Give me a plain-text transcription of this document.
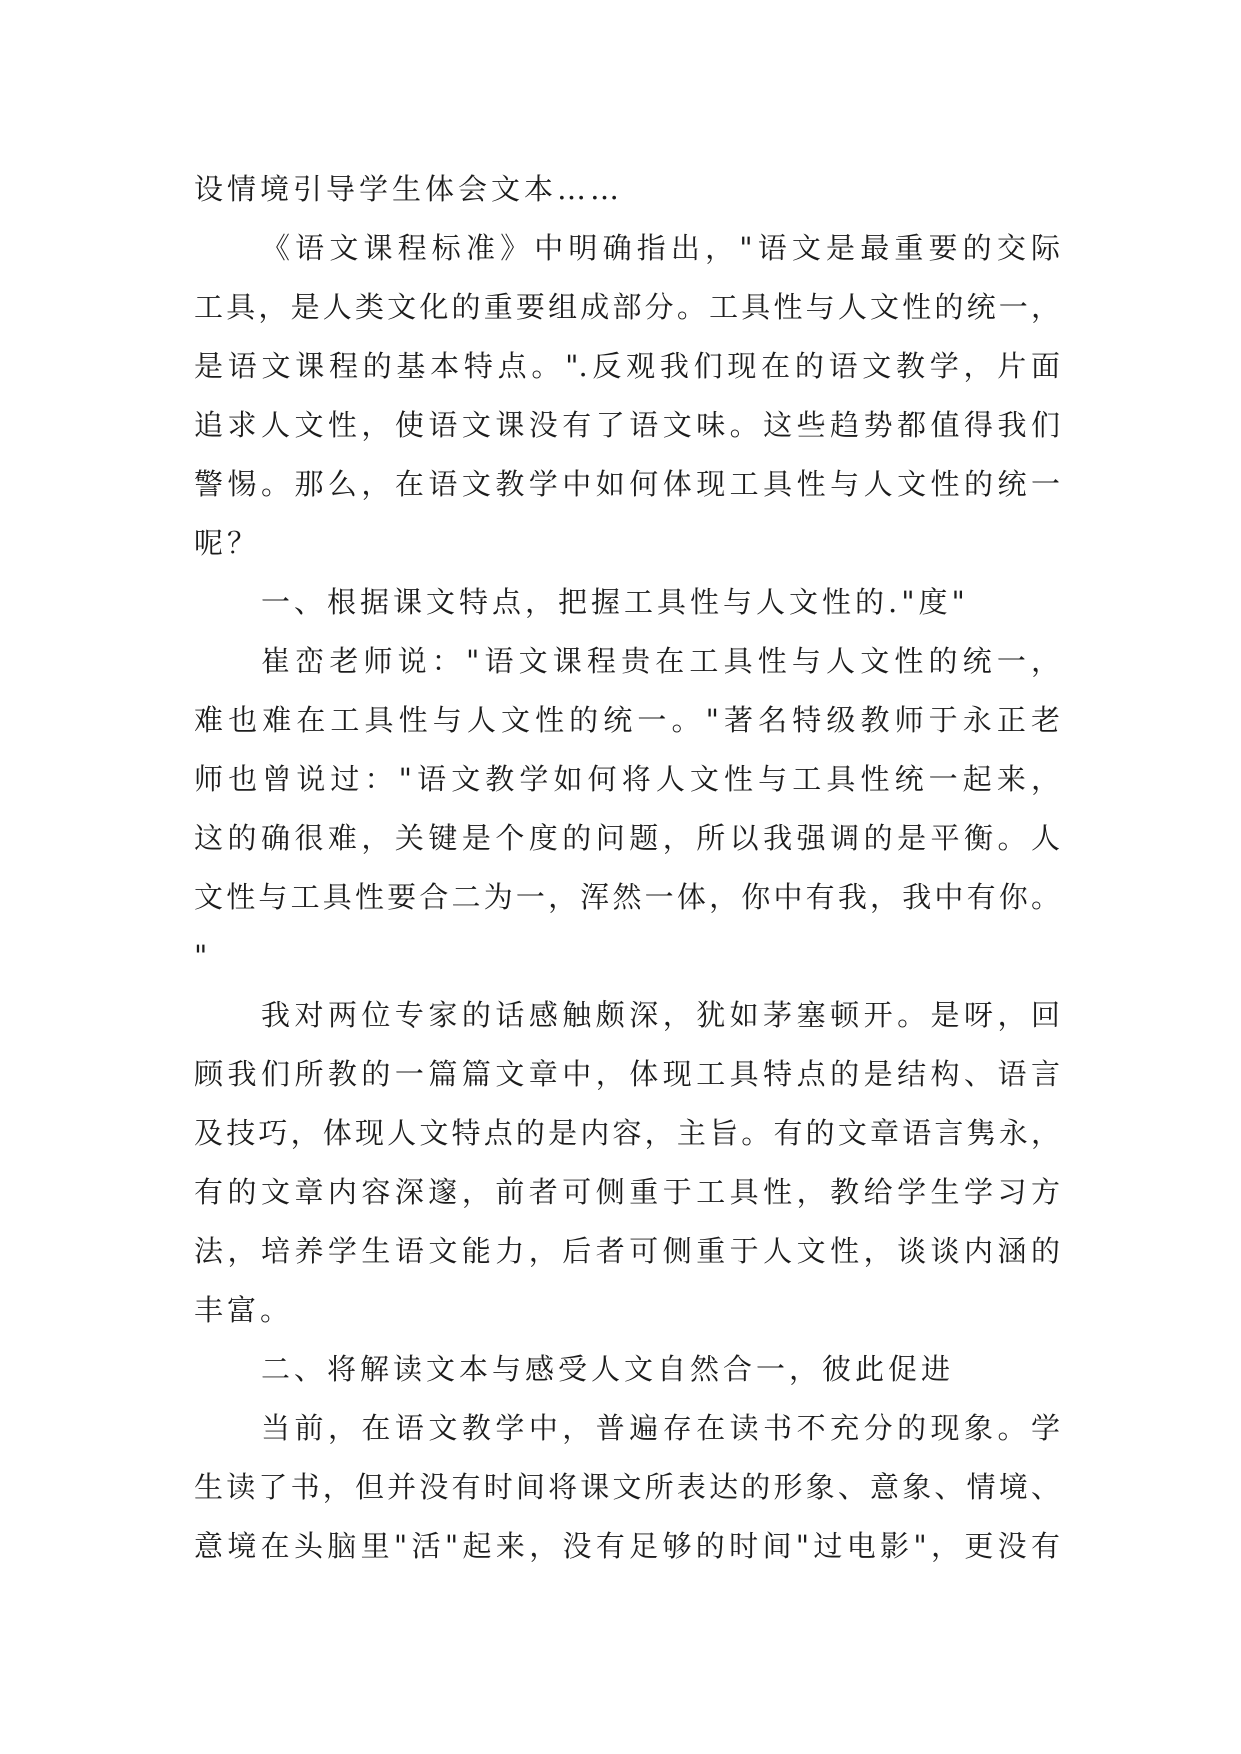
设情境引导学生体会文本……
《语文课程标准》中明确指出，"语文是最重要的交际
工具，是人类文化的重要组成部分。工具性与人文性的统一，
是语文课程的基本特点。".反观我们现在的语文教学，片面
追求人文性，使语文课没有了语文味。这些趋势都值得我们
警惕。那么，在语文教学中如何体现工具性与人文性的统一
呢？
一、根据课文特点，把握工具性与人文性的."度"
崔峦老师说："语文课程贵在工具性与人文性的统一，
难也难在工具性与人文性的统一。"著名特级教师于永正老
师也曾说过："语文教学如何将人文性与工具性统一起来，
这的确很难，关键是个度的问题，所以我强调的是平衡。人
文性与工具性要合二为一，浑然一体，你中有我，我中有你。
"
我对两位专家的话感触颇深，犹如茅塞顿开。是呀，回
顾我们所教的一篇篇文章中，体现工具特点的是结构、语言
及技巧，体现人文特点的是内容，主旨。有的文章语言隽永，
有的文章内容深邃，前者可侧重于工具性，教给学生学习方
法，培养学生语文能力，后者可侧重于人文性，谈谈内涵的
丰富。
二、将解读文本与感受人文自然合一，彼此促进
当前，在语文教学中，普遍存在读书不充分的现象。学
生读了书，但并没有时间将课文所表达的形象、意象、情境、
意境在头脑里"活"起来，没有足够的时间"过电影"，更没有
